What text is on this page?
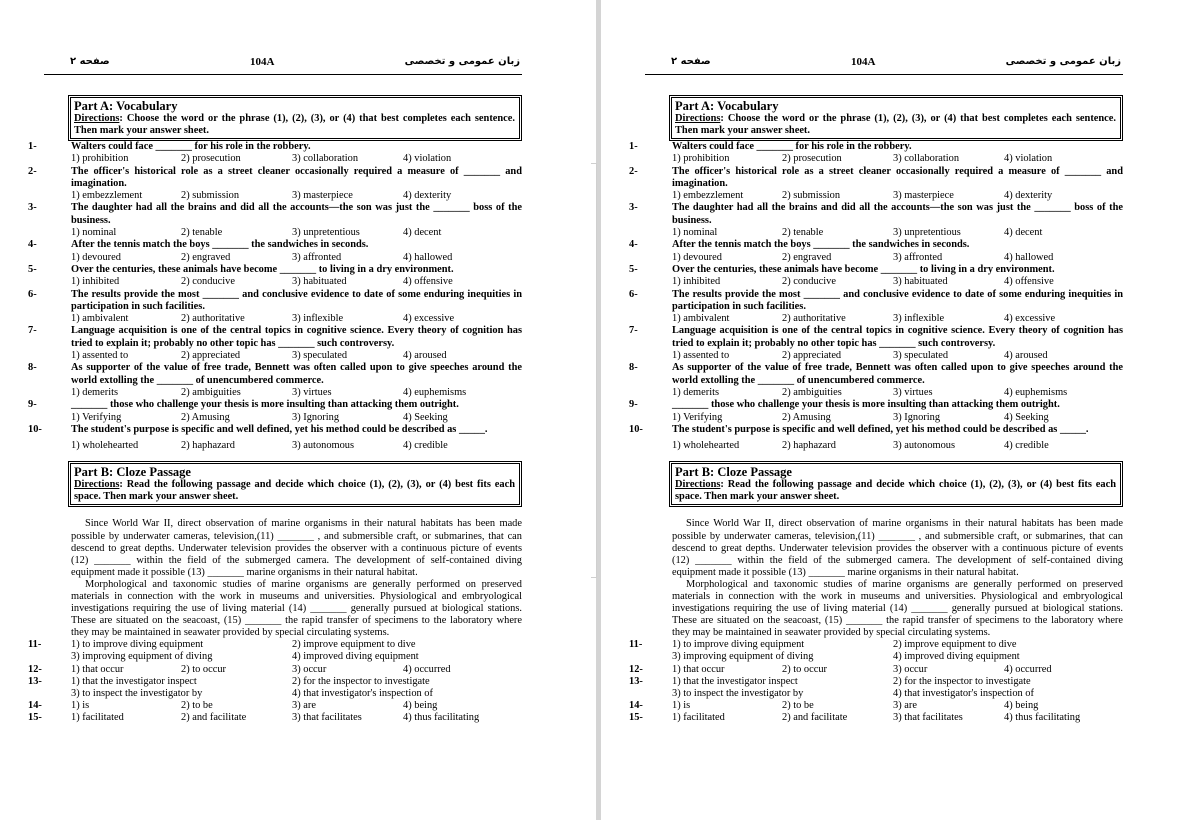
صفحه ۲	104A	زبان عمومی و تخصصی
Part A: Vocabulary
Directions: Choose the word or the phrase (1), (2), (3), or (4) that best completes each sentence. Then mark your answer sheet.
1-	Walters could face _______ for his role in the robbery.
1) prohibition	2) prosecution	3) collaboration	4) violation
2-	The officer's historical role as a street cleaner occasionally required a measure of _______ and imagination.
1) embezzlement	2) submission	3) masterpiece	4) dexterity
3-	The daughter had all the brains and did all the accounts—the son was just the _______ boss of the business.
1) nominal	2) tenable	3) unpretentious	4) decent
4-	After the tennis match the boys _______ the sandwiches in seconds.
1) devoured	2) engraved	3) affronted	4) hallowed
5-	Over the centuries, these animals have become _______ to living in a dry environment.
1) inhibited	2) conducive	3) habituated	4) offensive
6-	The results provide the most _______ and conclusive evidence to date of some enduring inequities in participation in such facilities.
1) ambivalent	2) authoritative	3) inflexible	4) excessive
7-	Language acquisition is one of the central topics in cognitive science. Every theory of cognition has tried to explain it; probably no other topic has _______ such controversy.
1) assented to	2) appreciated	3) speculated	4) aroused
8-	As supporter of the value of free trade, Bennett was often called upon to give speeches around the world extolling the _______ of unencumbered commerce.
1) demerits	2) ambiguities	3) virtues	4) euphemisms
9-	_______ those who challenge your thesis is more insulting than attacking them outright.
1) Verifying	2) Amusing	3) Ignoring	4) Seeking
10-	The student's purpose is specific and well defined, yet his method could be described as _____.
1) wholehearted	2) haphazard	3) autonomous	4) credible
Part B: Cloze Passage
Directions: Read the following passage and decide which choice (1), (2), (3), or (4) best fits each space. Then mark your answer sheet.

Since World War II, direct observation of marine organisms in their natural habitats has been made possible by underwater cameras, television,(11) _______ , and submersible craft, or submarines, that can descend to great depths. Underwater television provides the observer with a continuous picture of events (12) _______ within the field of the submerged camera. The development of self-contained diving equipment made it possible (13) _______ marine organisms in their natural habitat.

Morphological and taxonomic studies of marine organisms are generally performed on preserved materials in connection with the work in museums and universities. Physiological and embryological investigations requiring the use of living material (14) _______ generally pursued at biological stations. These are situated on the seacoast, (15) _______ the rapid transfer of specimens to the laboratory where they may be maintained in seawater provided by special circulating systems.

11-	1) to improve diving equipment	2) improve equipment to dive
3) improving equipment of diving	4) improved diving equipment
12-	1) that occur	2) to occur	3) occur	4) occurred
13-	1) that the investigator inspect	2) for the inspector to investigate
3) to inspect the investigator by	4) that investigator's inspection of
14-	1) is	2) to be	3) are	4) being
15-	1) facilitated	2) and facilitate	3) that facilitates	4) thus facilitating
صفحه ۲	104A	زبان عمومی و تخصصی
Part A: Vocabulary
Directions: Choose the word or the phrase (1), (2), (3), or (4) that best completes each sentence. Then mark your answer sheet.
1-	Walters could face _______ for his role in the robbery.
1) prohibition	2) prosecution	3) collaboration	4) violation
2-	The officer's historical role as a street cleaner occasionally required a measure of _______ and imagination.
1) embezzlement	2) submission	3) masterpiece	4) dexterity
3-	The daughter had all the brains and did all the accounts—the son was just the _______ boss of the business.
1) nominal	2) tenable	3) unpretentious	4) decent
4-	After the tennis match the boys _______ the sandwiches in seconds.
1) devoured	2) engraved	3) affronted	4) hallowed
5-	Over the centuries, these animals have become _______ to living in a dry environment.
1) inhibited	2) conducive	3) habituated	4) offensive
6-	The results provide the most _______ and conclusive evidence to date of some enduring inequities in participation in such facilities.
1) ambivalent	2) authoritative	3) inflexible	4) excessive
7-	Language acquisition is one of the central topics in cognitive science. Every theory of cognition has tried to explain it; probably no other topic has _______ such controversy.
1) assented to	2) appreciated	3) speculated	4) aroused
8-	As supporter of the value of free trade, Bennett was often called upon to give speeches around the world extolling the _______ of unencumbered commerce.
1) demerits	2) ambiguities	3) virtues	4) euphemisms
9-	_______ those who challenge your thesis is more insulting than attacking them outright.
1) Verifying	2) Amusing	3) Ignoring	4) Seeking
10-	The student's purpose is specific and well defined, yet his method could be described as _____.
1) wholehearted	2) haphazard	3) autonomous	4) credible
Part B: Cloze Passage
Directions: Read the following passage and decide which choice (1), (2), (3), or (4) best fits each space. Then mark your answer sheet.

Since World War II, direct observation of marine organisms in their natural habitats has been made possible by underwater cameras, television,(11) _______ , and submersible craft, or submarines, that can descend to great depths. Underwater television provides the observer with a continuous picture of events (12) _______ within the field of the submerged camera. The development of self-contained diving equipment made it possible (13) _______ marine organisms in their natural habitat.

Morphological and taxonomic studies of marine organisms are generally performed on preserved materials in connection with the work in museums and universities. Physiological and embryological investigations requiring the use of living material (14) _______ generally pursued at biological stations. These are situated on the seacoast, (15) _______ the rapid transfer of specimens to the laboratory where they may be maintained in seawater provided by special circulating systems.

11-	1) to improve diving equipment	2) improve equipment to dive
3) improving equipment of diving	4) improved diving equipment
12-	1) that occur	2) to occur	3) occur	4) occurred
13-	1) that the investigator inspect	2) for the inspector to investigate
3) to inspect the investigator by	4) that investigator's inspection of
14-	1) is	2) to be	3) are	4) being
15-	1) facilitated	2) and facilitate	3) that facilitates	4) thus facilitating
